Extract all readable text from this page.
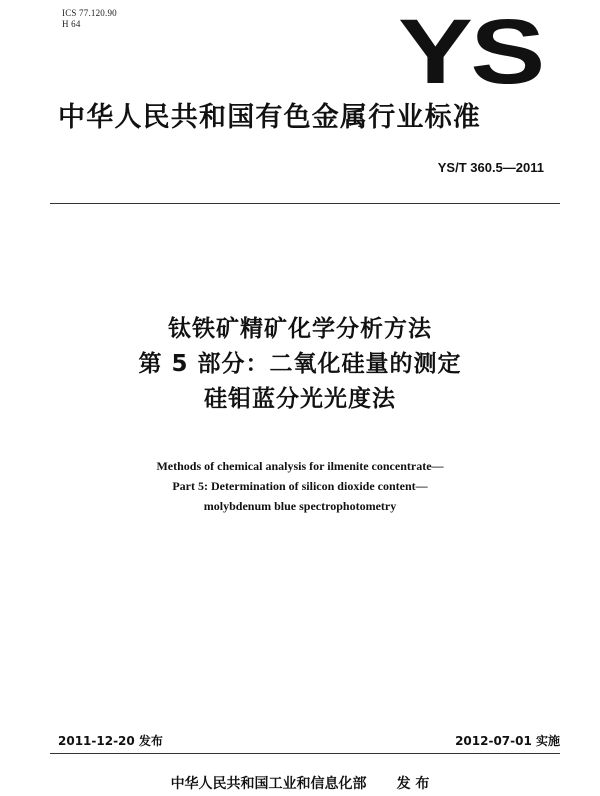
ICS 77.120.90
H 64	YS
中华人民共和国有色金属行业标准
YS/T 360.5—2011
钛铁矿精矿化学分析方法
第 5 部分：二氧化硅量的测定
硅钼蓝分光光度法
Methods of chemical analysis for ilmenite concentrate—
Part 5: Determination of silicon dioxide content—
molybdenum blue spectrophotometry
2011-12-20 发布	2012-07-01 实施
中华人民共和国工业和信息化部 发 布
